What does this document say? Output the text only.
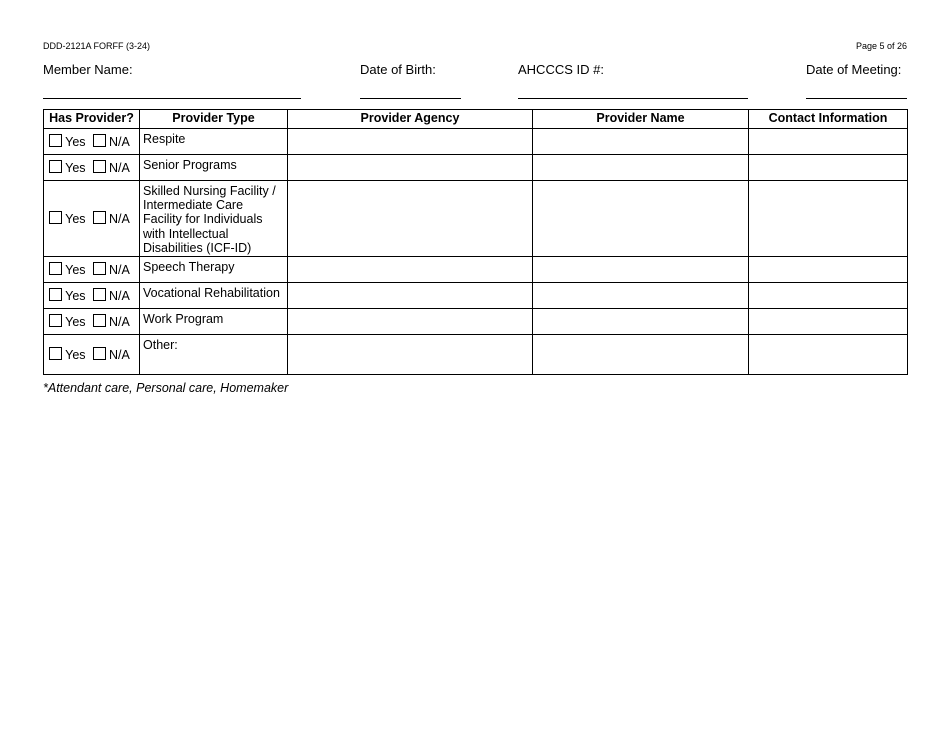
DDD-2121A FORFF (3-24)	Page 5 of 26
Member Name:	Date of Birth:	AHCCCS ID #:	Date of Meeting:
Has Provider?	Provider Type	Provider Agency	Provider Name	Contact Information
Yes N/A	Respite			
Yes N/A	Senior Programs			
Yes N/A	Skilled Nursing Facility / Intermediate Care Facility for Individuals with Intellectual Disabilities (ICF-ID)			
Yes N/A	Speech Therapy			
Yes N/A	Vocational Rehabilitation			
Yes N/A	Work Program			
Yes N/A	Other:			
*Attendant care, Personal care, Homemaker
